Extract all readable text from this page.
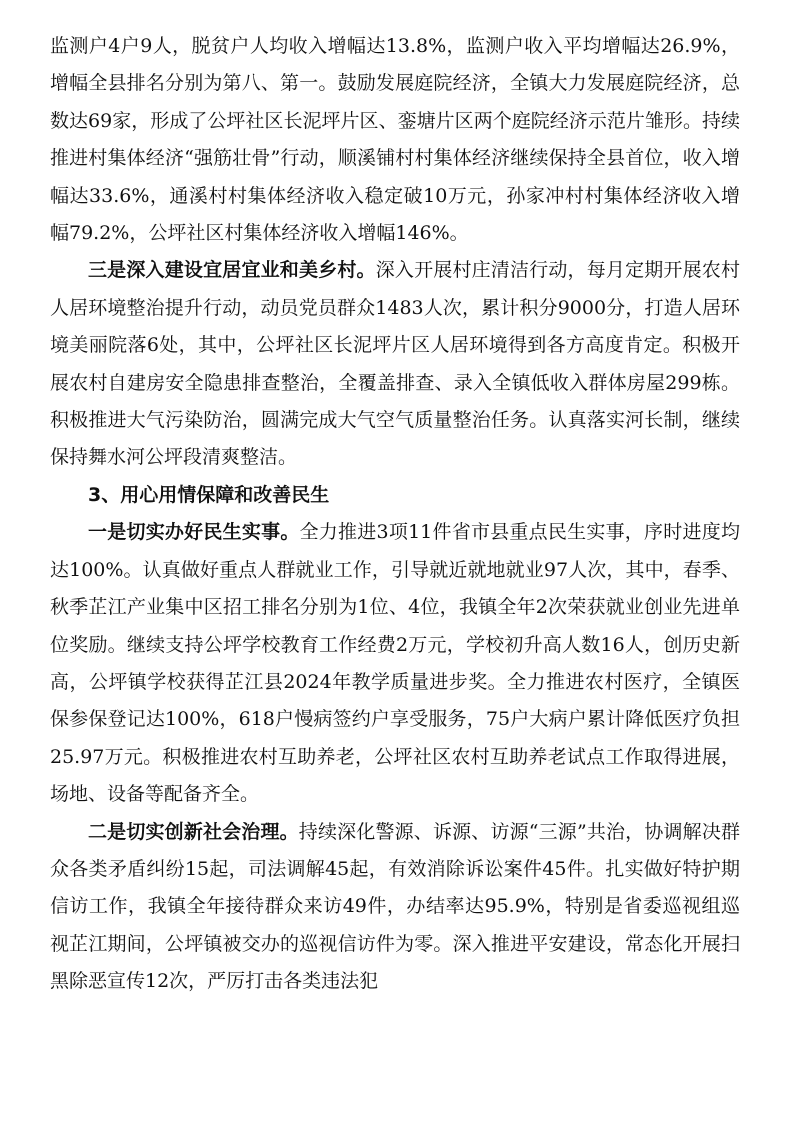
监测户4户9人，脱贫户人均收入增幅达13.8%，监测户收入平均增幅达26.9%，增幅全县排名分别为第八、第一。鼓励发展庭院经济，全镇大力发展庭院经济，总数达69家，形成了公坪社区长泥坪片区、銮塘片区两个庭院经济示范片雏形。持续推进村集体经济“强筋壮骨”行动，顺溪铺村村集体经济继续保持全县首位，收入增幅达33.6%，通溪村村集体经济收入稳定破10万元，孙家冲村村集体经济收入增幅79.2%，公坪社区村集体经济收入增幅146%。

三是深入建设宜居宜业和美乡村。深入开展村庄清洁行动，每月定期开展农村人居环境整治提升行动，动员党员群众1483人次，累计积分9000分，打造人居环境美丽院落6处，其中，公坪社区长泥坪片区人居环境得到各方高度肯定。积极开展农村自建房安全隐患排查整治，全覆盖排查、录入全镇低收入群体房屋299栋。积极推进大气污染防治，圆满完成大气空气质量整治任务。认真落实河长制，继续保持舞水河公坪段清爽整洁。

3、用心用情保障和改善民生

一是切实办好民生实事。全力推进3项11件省市县重点民生实事，序时进度均达100%。认真做好重点人群就业工作，引导就近就地就业97人次，其中，春季、秋季芷江产业集中区招工排名分别为1位、4位，我镇全年2次荣获就业创业先进单位奖励。继续支持公坪学校教育工作经费2万元，学校初升高人数16人，创历史新高，公坪镇学校获得芷江县2024年教学质量进步奖。全力推进农村医疗，全镇医保参保登记达100%，618户慢病签约户享受服务，75户大病户累计降低医疗负担25.97万元。积极推进农村互助养老，公坪社区农村互助养老试点工作取得进展，场地、设备等配备齐全。

二是切实创新社会治理。持续深化警源、诉源、访源“三源”共治，协调解决群众各类矛盾纠纷15起，司法调解45起，有效消除诉讼案件45件。扎实做好特护期信访工作，我镇全年接待群众来访49件，办结率达95.9%，特别是省委巡视组巡视芷江期间，公坪镇被交办的巡视信访件为零。深入推进平安建设，常态化开展扫黑除恶宣传12次，严厉打击各类违法犯
